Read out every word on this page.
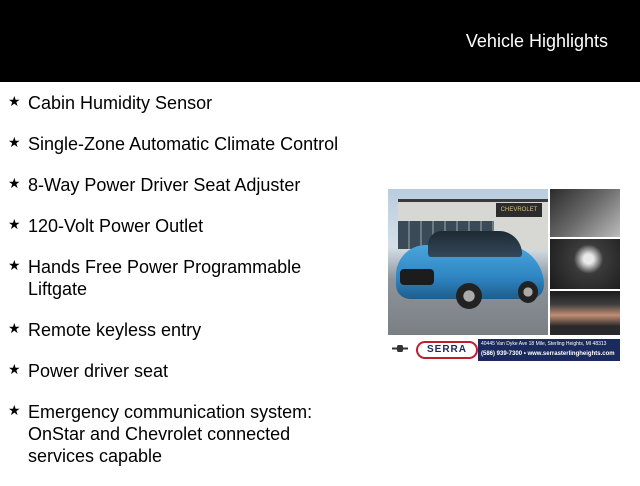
Vehicle Highlights
★ Cabin Humidity Sensor
★ Single-Zone Automatic Climate Control
★ 8-Way Power Driver Seat Adjuster
★ 120-Volt Power Outlet
★ Hands Free Power Programmable Liftgate
★ Remote keyless entry
★ Power driver seat
★ Emergency communication system: OnStar and Chevrolet connected services capable
CHEVROLET
SERRA	40445 Van Dyke Ave 18 Mile, Sterling Heights, MI 48313
(586) 939-7300 • www.serrasterlingheights.com
